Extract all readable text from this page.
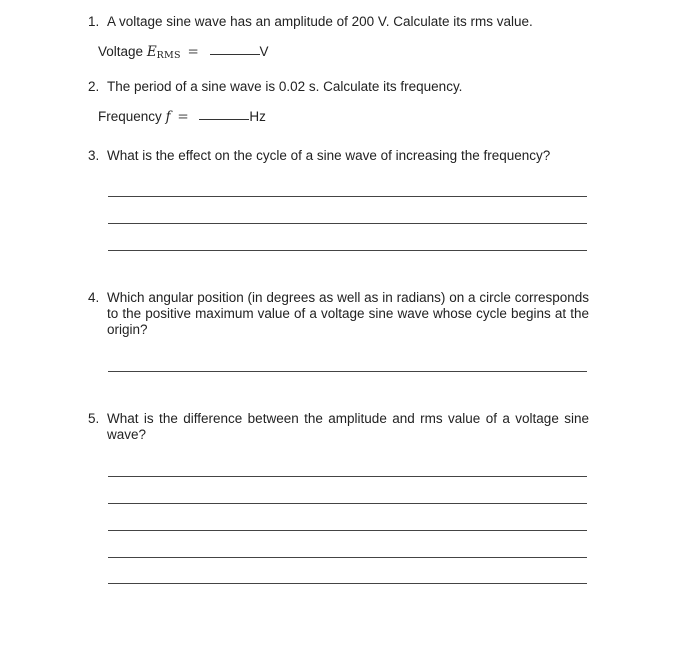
1. A voltage sine wave has an amplitude of 200 V. Calculate its rms value.
Voltage $E_{RMS}$ =	V
2. The period of a sine wave is 0.02 s. Calculate its frequency.
Frequency f =	Hz
3. What is the effect on the cycle of a sine wave of increasing the frequency?
4. Which angular position (in degrees as well as in radians) on a circle corresponds to the positive maximum value of a voltage sine wave whose cycle begins at the origin?
5. What is the difference between the amplitude and rms value of a voltage sine wave?
